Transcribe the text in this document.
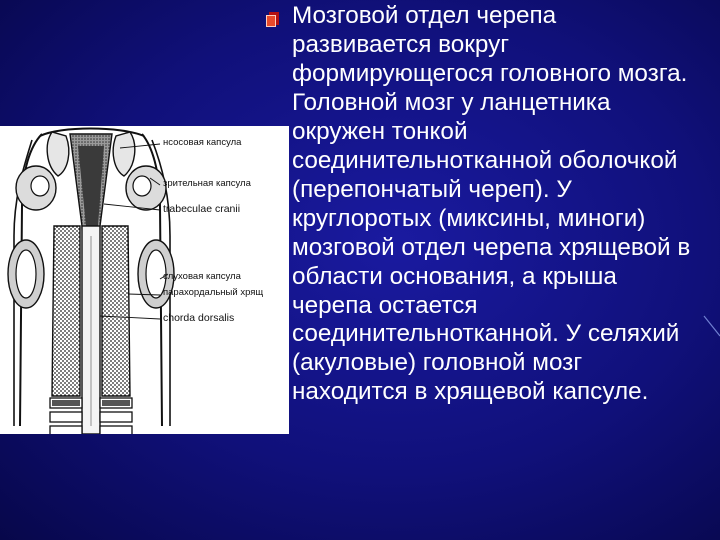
нсосовая капсула
зрительная капсула
trabeculae cranii
слуховая капсула
парахордальный хрящ
chorda dorsalis

Мозговой отдел черепа развивается вокруг формирующегося головного мозга. Головной мозг у ланцетника окружен тонкой соединительнотканной оболочкой (перепончатый череп). У круглоротых (миксины, миноги) мозговой отдел черепа хрящевой в области основания, а крыша черепа остается соединительнотканной. У селяхий (акуловые) головной мозг находится в хрящевой капсуле.
